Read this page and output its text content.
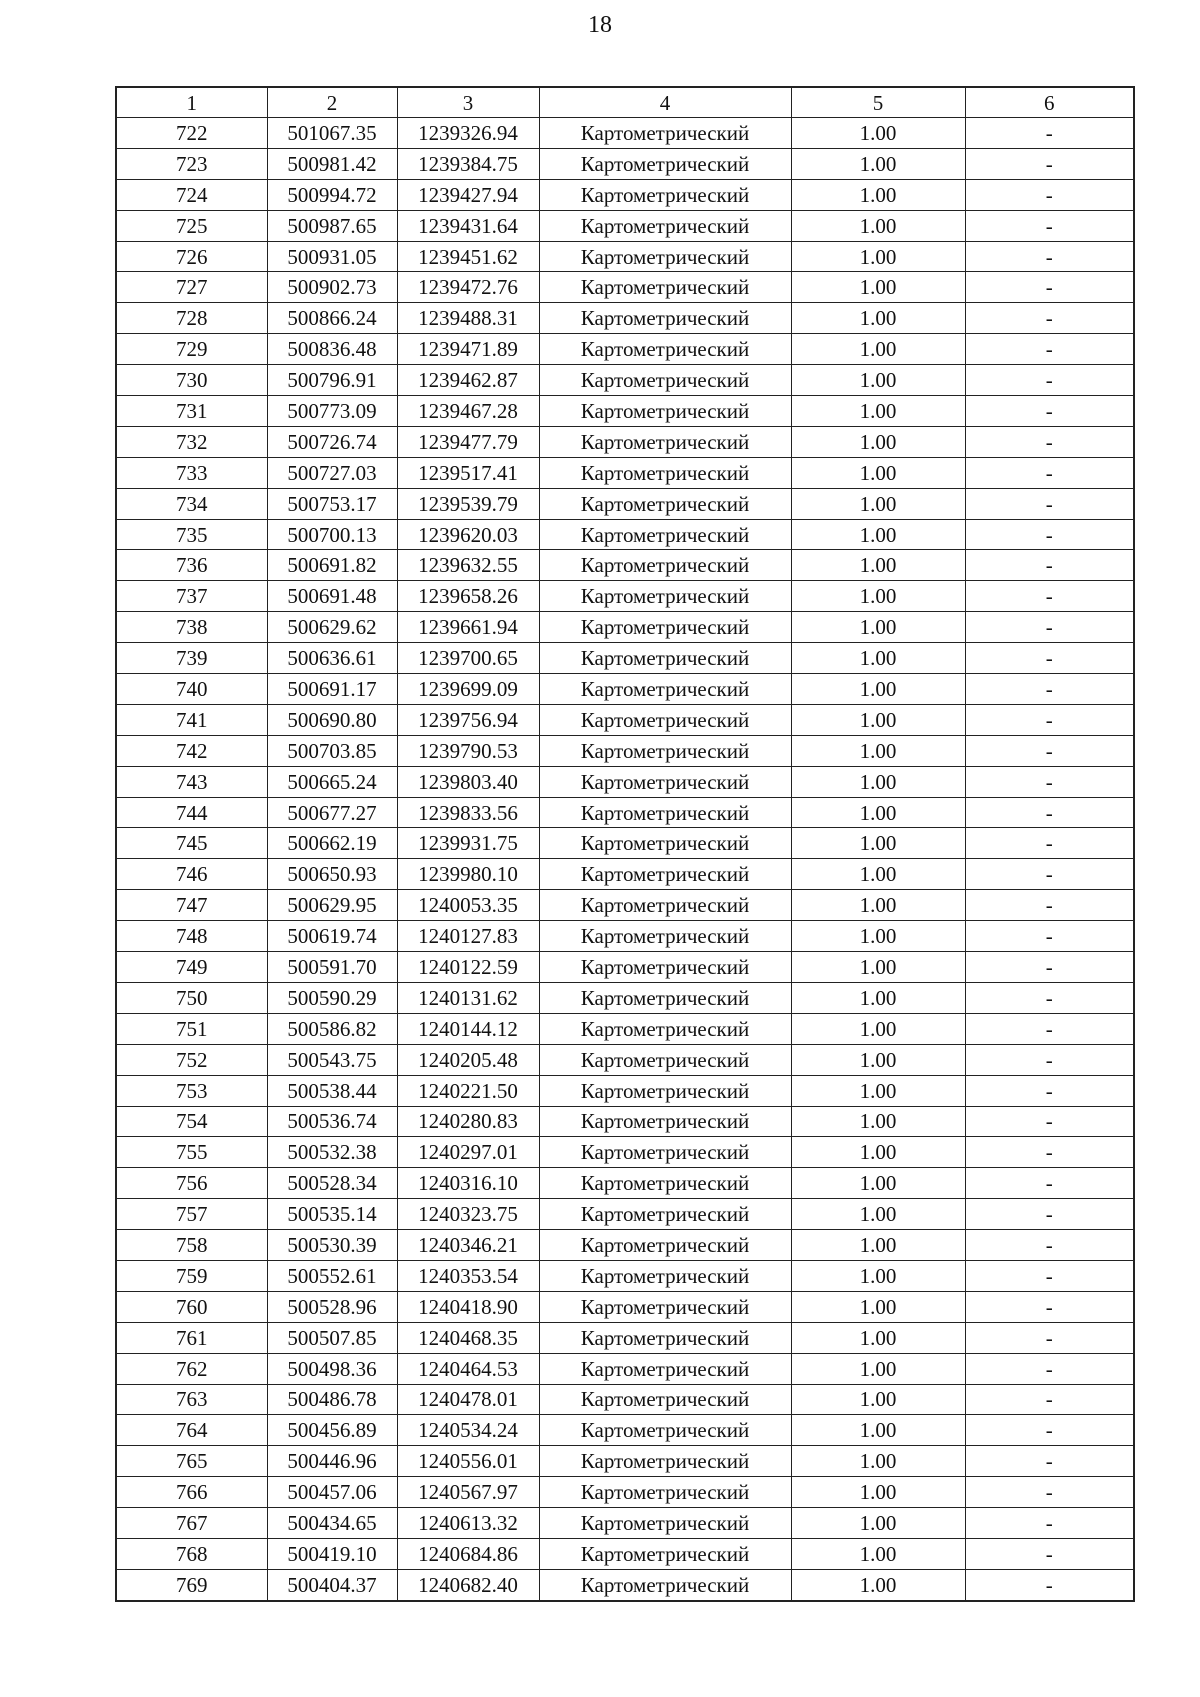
18
1	2	3	4	5	6
722	501067.35	1239326.94	Картометрический	1.00	-
723	500981.42	1239384.75	Картометрический	1.00	-
724	500994.72	1239427.94	Картометрический	1.00	-
725	500987.65	1239431.64	Картометрический	1.00	-
726	500931.05	1239451.62	Картометрический	1.00	-
727	500902.73	1239472.76	Картометрический	1.00	-
728	500866.24	1239488.31	Картометрический	1.00	-
729	500836.48	1239471.89	Картометрический	1.00	-
730	500796.91	1239462.87	Картометрический	1.00	-
731	500773.09	1239467.28	Картометрический	1.00	-
732	500726.74	1239477.79	Картометрический	1.00	-
733	500727.03	1239517.41	Картометрический	1.00	-
734	500753.17	1239539.79	Картометрический	1.00	-
735	500700.13	1239620.03	Картометрический	1.00	-
736	500691.82	1239632.55	Картометрический	1.00	-
737	500691.48	1239658.26	Картометрический	1.00	-
738	500629.62	1239661.94	Картометрический	1.00	-
739	500636.61	1239700.65	Картометрический	1.00	-
740	500691.17	1239699.09	Картометрический	1.00	-
741	500690.80	1239756.94	Картометрический	1.00	-
742	500703.85	1239790.53	Картометрический	1.00	-
743	500665.24	1239803.40	Картометрический	1.00	-
744	500677.27	1239833.56	Картометрический	1.00	-
745	500662.19	1239931.75	Картометрический	1.00	-
746	500650.93	1239980.10	Картометрический	1.00	-
747	500629.95	1240053.35	Картометрический	1.00	-
748	500619.74	1240127.83	Картометрический	1.00	-
749	500591.70	1240122.59	Картометрический	1.00	-
750	500590.29	1240131.62	Картометрический	1.00	-
751	500586.82	1240144.12	Картометрический	1.00	-
752	500543.75	1240205.48	Картометрический	1.00	-
753	500538.44	1240221.50	Картометрический	1.00	-
754	500536.74	1240280.83	Картометрический	1.00	-
755	500532.38	1240297.01	Картометрический	1.00	-
756	500528.34	1240316.10	Картометрический	1.00	-
757	500535.14	1240323.75	Картометрический	1.00	-
758	500530.39	1240346.21	Картометрический	1.00	-
759	500552.61	1240353.54	Картометрический	1.00	-
760	500528.96	1240418.90	Картометрический	1.00	-
761	500507.85	1240468.35	Картометрический	1.00	-
762	500498.36	1240464.53	Картометрический	1.00	-
763	500486.78	1240478.01	Картометрический	1.00	-
764	500456.89	1240534.24	Картометрический	1.00	-
765	500446.96	1240556.01	Картометрический	1.00	-
766	500457.06	1240567.97	Картометрический	1.00	-
767	500434.65	1240613.32	Картометрический	1.00	-
768	500419.10	1240684.86	Картометрический	1.00	-
769	500404.37	1240682.40	Картометрический	1.00	-
